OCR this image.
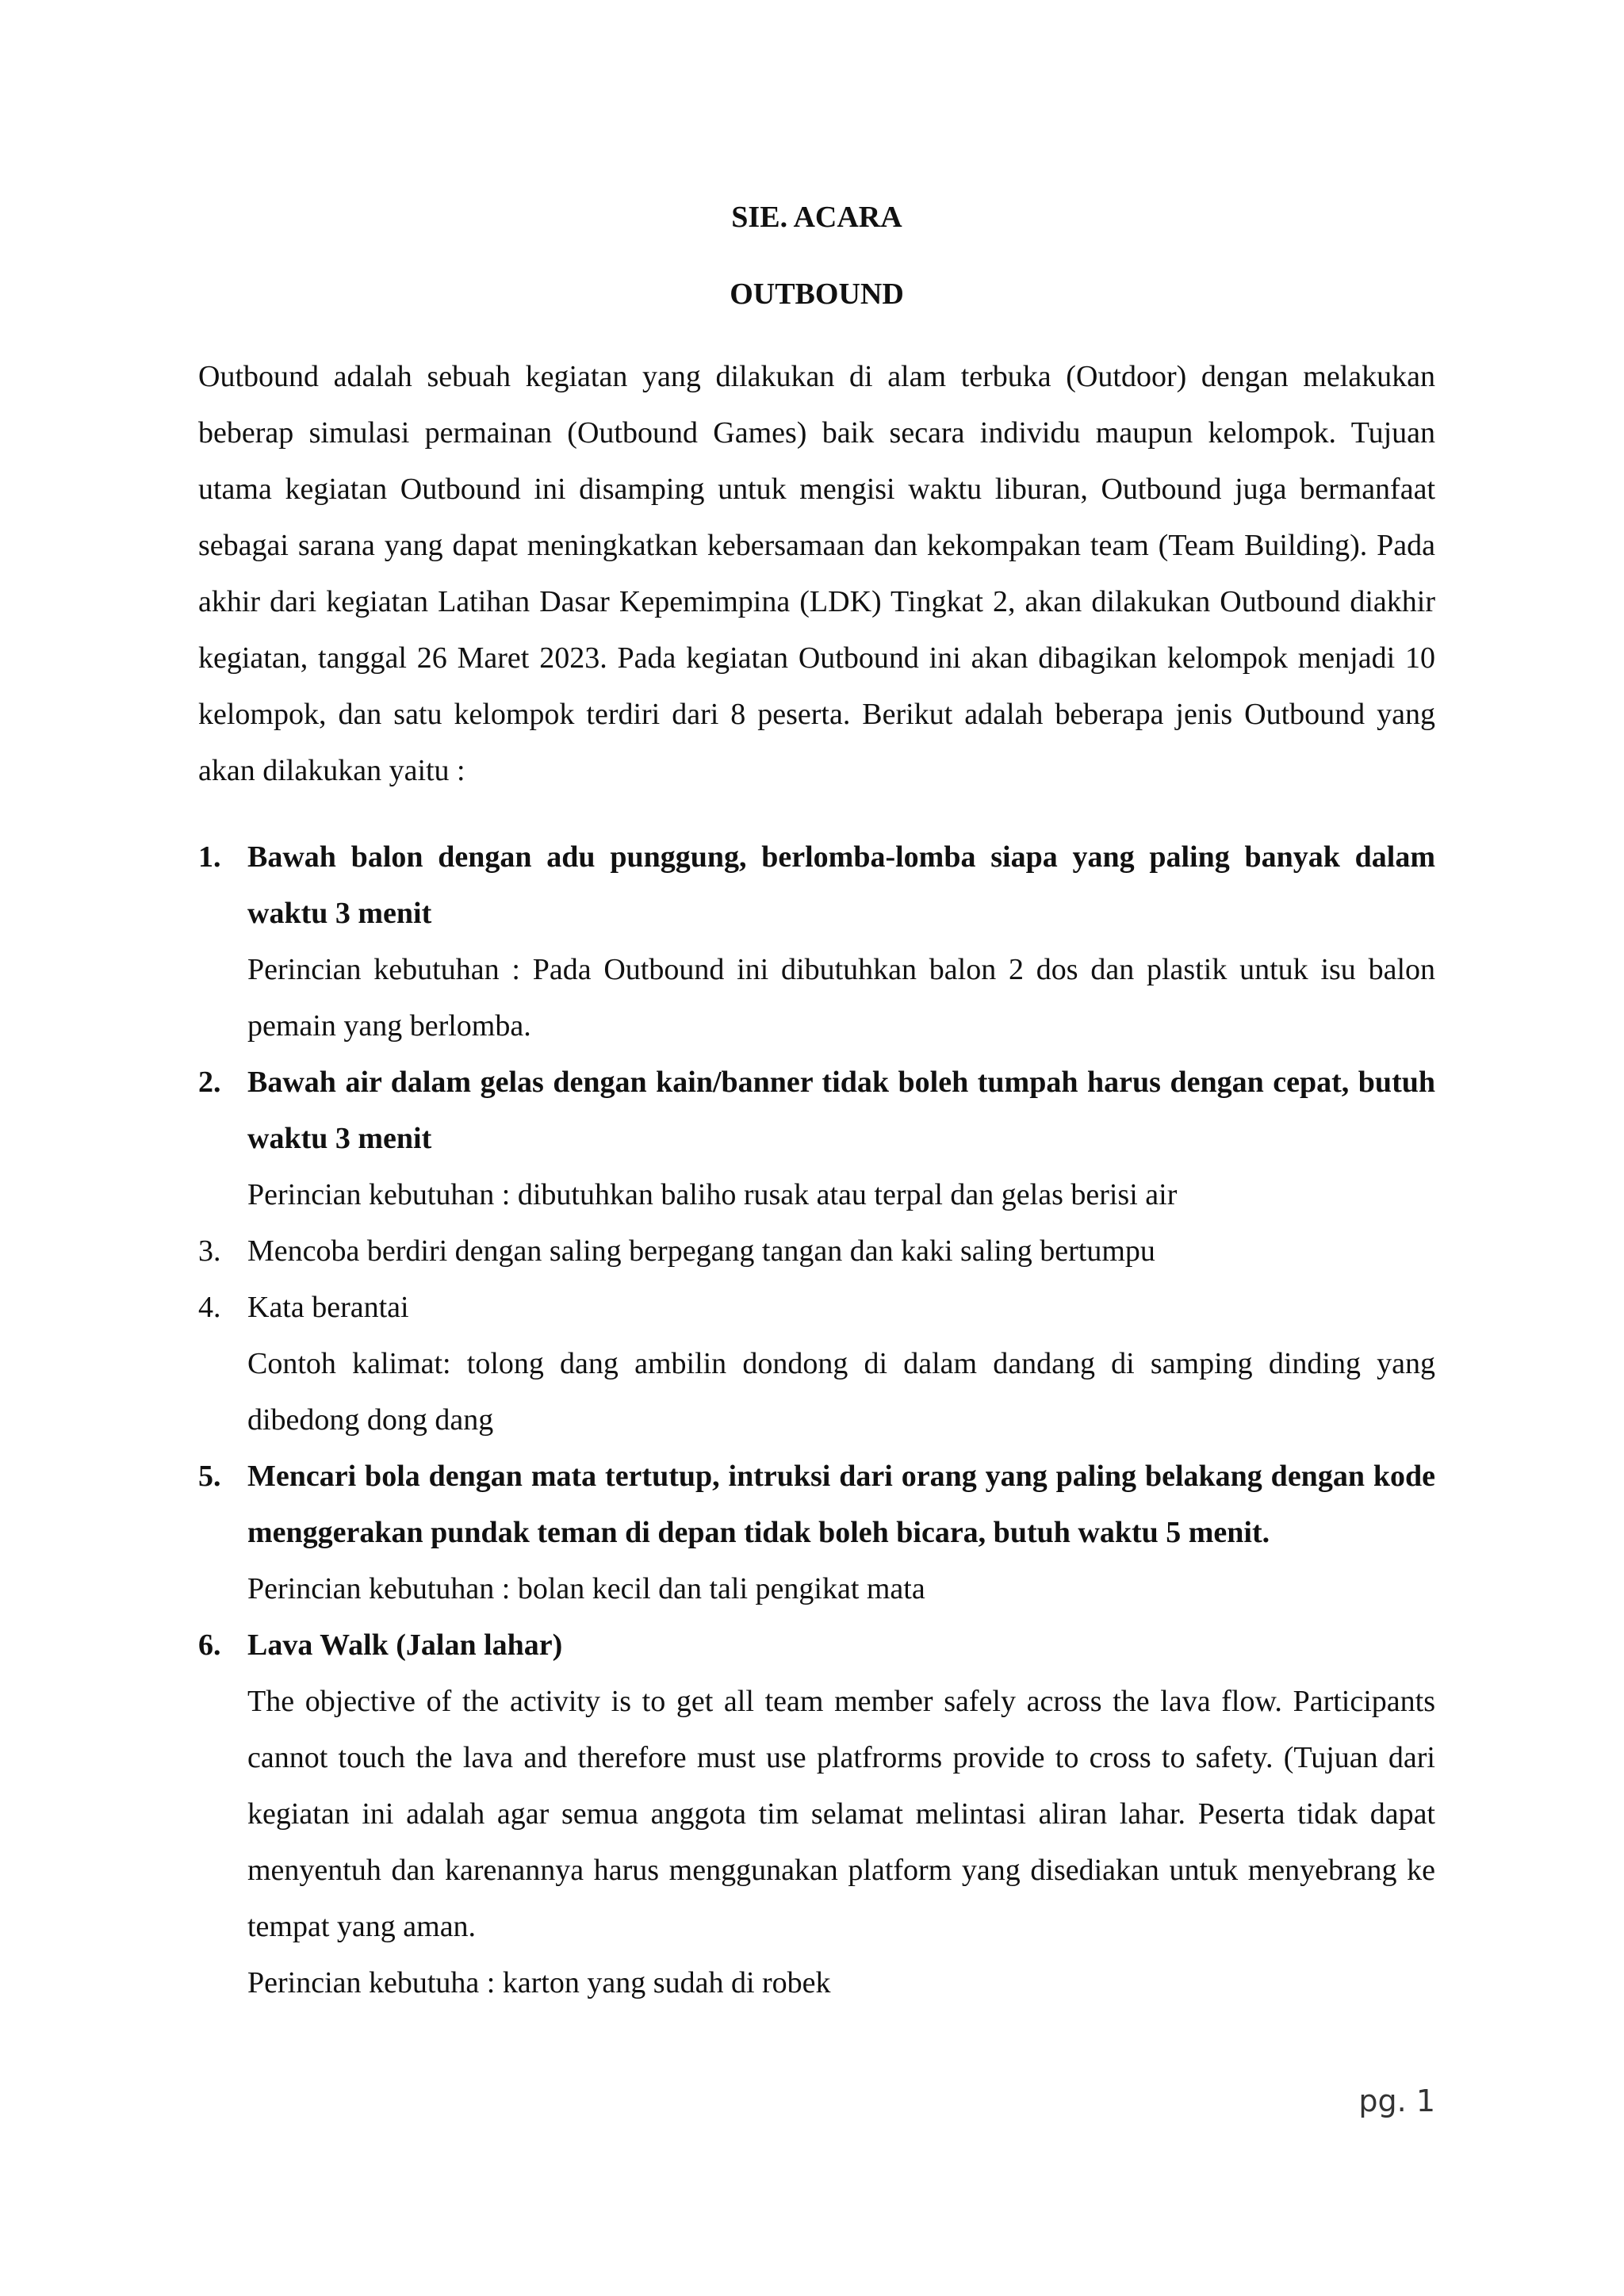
SIE. ACARA
OUTBOUND

Outbound adalah sebuah kegiatan yang dilakukan di alam terbuka (Outdoor) dengan melakukan beberap simulasi permainan (Outbound Games) baik secara individu maupun kelompok. Tujuan utama kegiatan Outbound ini disamping untuk mengisi waktu liburan, Outbound juga bermanfaat sebagai sarana yang dapat meningkatkan kebersamaan dan kekompakan team (Team Building). Pada akhir dari kegiatan Latihan Dasar Kepemimpina (LDK) Tingkat 2, akan dilakukan Outbound diakhir kegiatan, tanggal 26 Maret 2023. Pada kegiatan Outbound ini akan dibagikan kelompok menjadi 10 kelompok, dan satu kelompok terdiri dari 8 peserta. Berikut adalah beberapa jenis Outbound yang akan dilakukan yaitu :

1. Bawah balon dengan adu punggung, berlomba-lomba siapa yang paling banyak dalam waktu 3 menit
Perincian kebutuhan : Pada Outbound ini dibutuhkan balon 2 dos dan plastik untuk isu balon pemain yang berlomba.
2. Bawah air dalam gelas dengan kain/banner tidak boleh tumpah harus dengan cepat, butuh waktu 3 menit
Perincian kebutuhan : dibutuhkan baliho rusak atau terpal dan gelas berisi air
3. Mencoba berdiri dengan saling berpegang tangan dan kaki saling bertumpu
4. Kata berantai
Contoh kalimat: tolong dang ambilin dondong di dalam dandang di samping dinding yang dibedong dong dang
5. Mencari bola dengan mata tertutup, intruksi dari orang yang paling belakang dengan kode menggerakan pundak teman di depan tidak boleh bicara, butuh waktu 5 menit.
Perincian kebutuhan : bolan kecil dan tali pengikat mata
6. Lava Walk (Jalan lahar)
The objective of the activity is to get all team member safely across the lava flow. Participants cannot touch the lava and therefore must use platfrorms provide to cross to safety. (Tujuan dari kegiatan ini adalah agar semua anggota tim selamat melintasi aliran lahar. Peserta tidak dapat menyentuh dan karenannya harus menggunakan platform yang disediakan untuk menyebrang ke tempat yang aman.
Perincian kebutuha : karton yang sudah di robek
pg. 1
